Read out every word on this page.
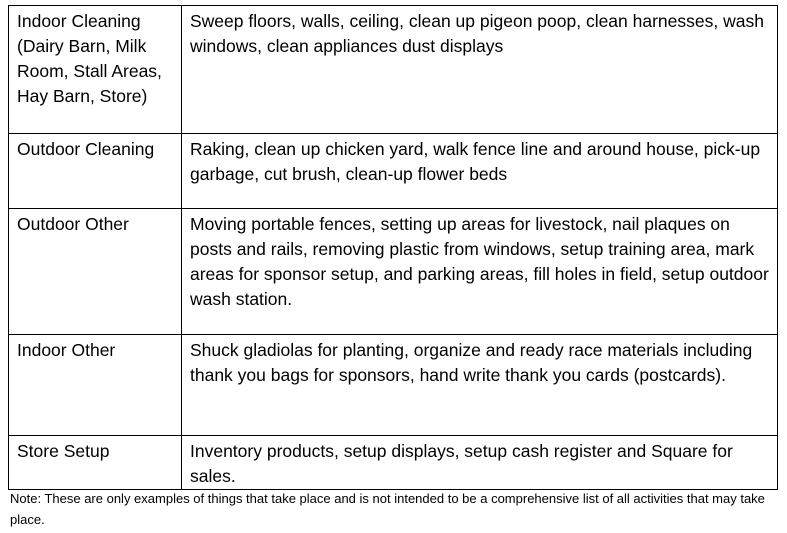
Indoor Cleaning (Dairy Barn, Milk Room, Stall Areas, Hay Barn, Store)	Sweep floors, walls, ceiling, clean up pigeon poop, clean harnesses, wash windows, clean appliances dust displays
Outdoor Cleaning	Raking, clean up chicken yard, walk fence line and around house, pick-up garbage, cut brush, clean-up flower beds
Outdoor Other	Moving portable fences, setting up areas for livestock, nail plaques on posts and rails, removing plastic from windows, setup training area, mark areas for sponsor setup, and parking areas, fill holes in field, setup outdoor wash station.
Indoor Other	Shuck gladiolas for planting, organize and ready race materials including thank you bags for sponsors, hand write thank you cards (postcards).
Store Setup	Inventory products, setup displays, setup cash register and Square for sales.
Note: These are only examples of things that take place and is not intended to be a comprehensive list of all activities that may take place.
